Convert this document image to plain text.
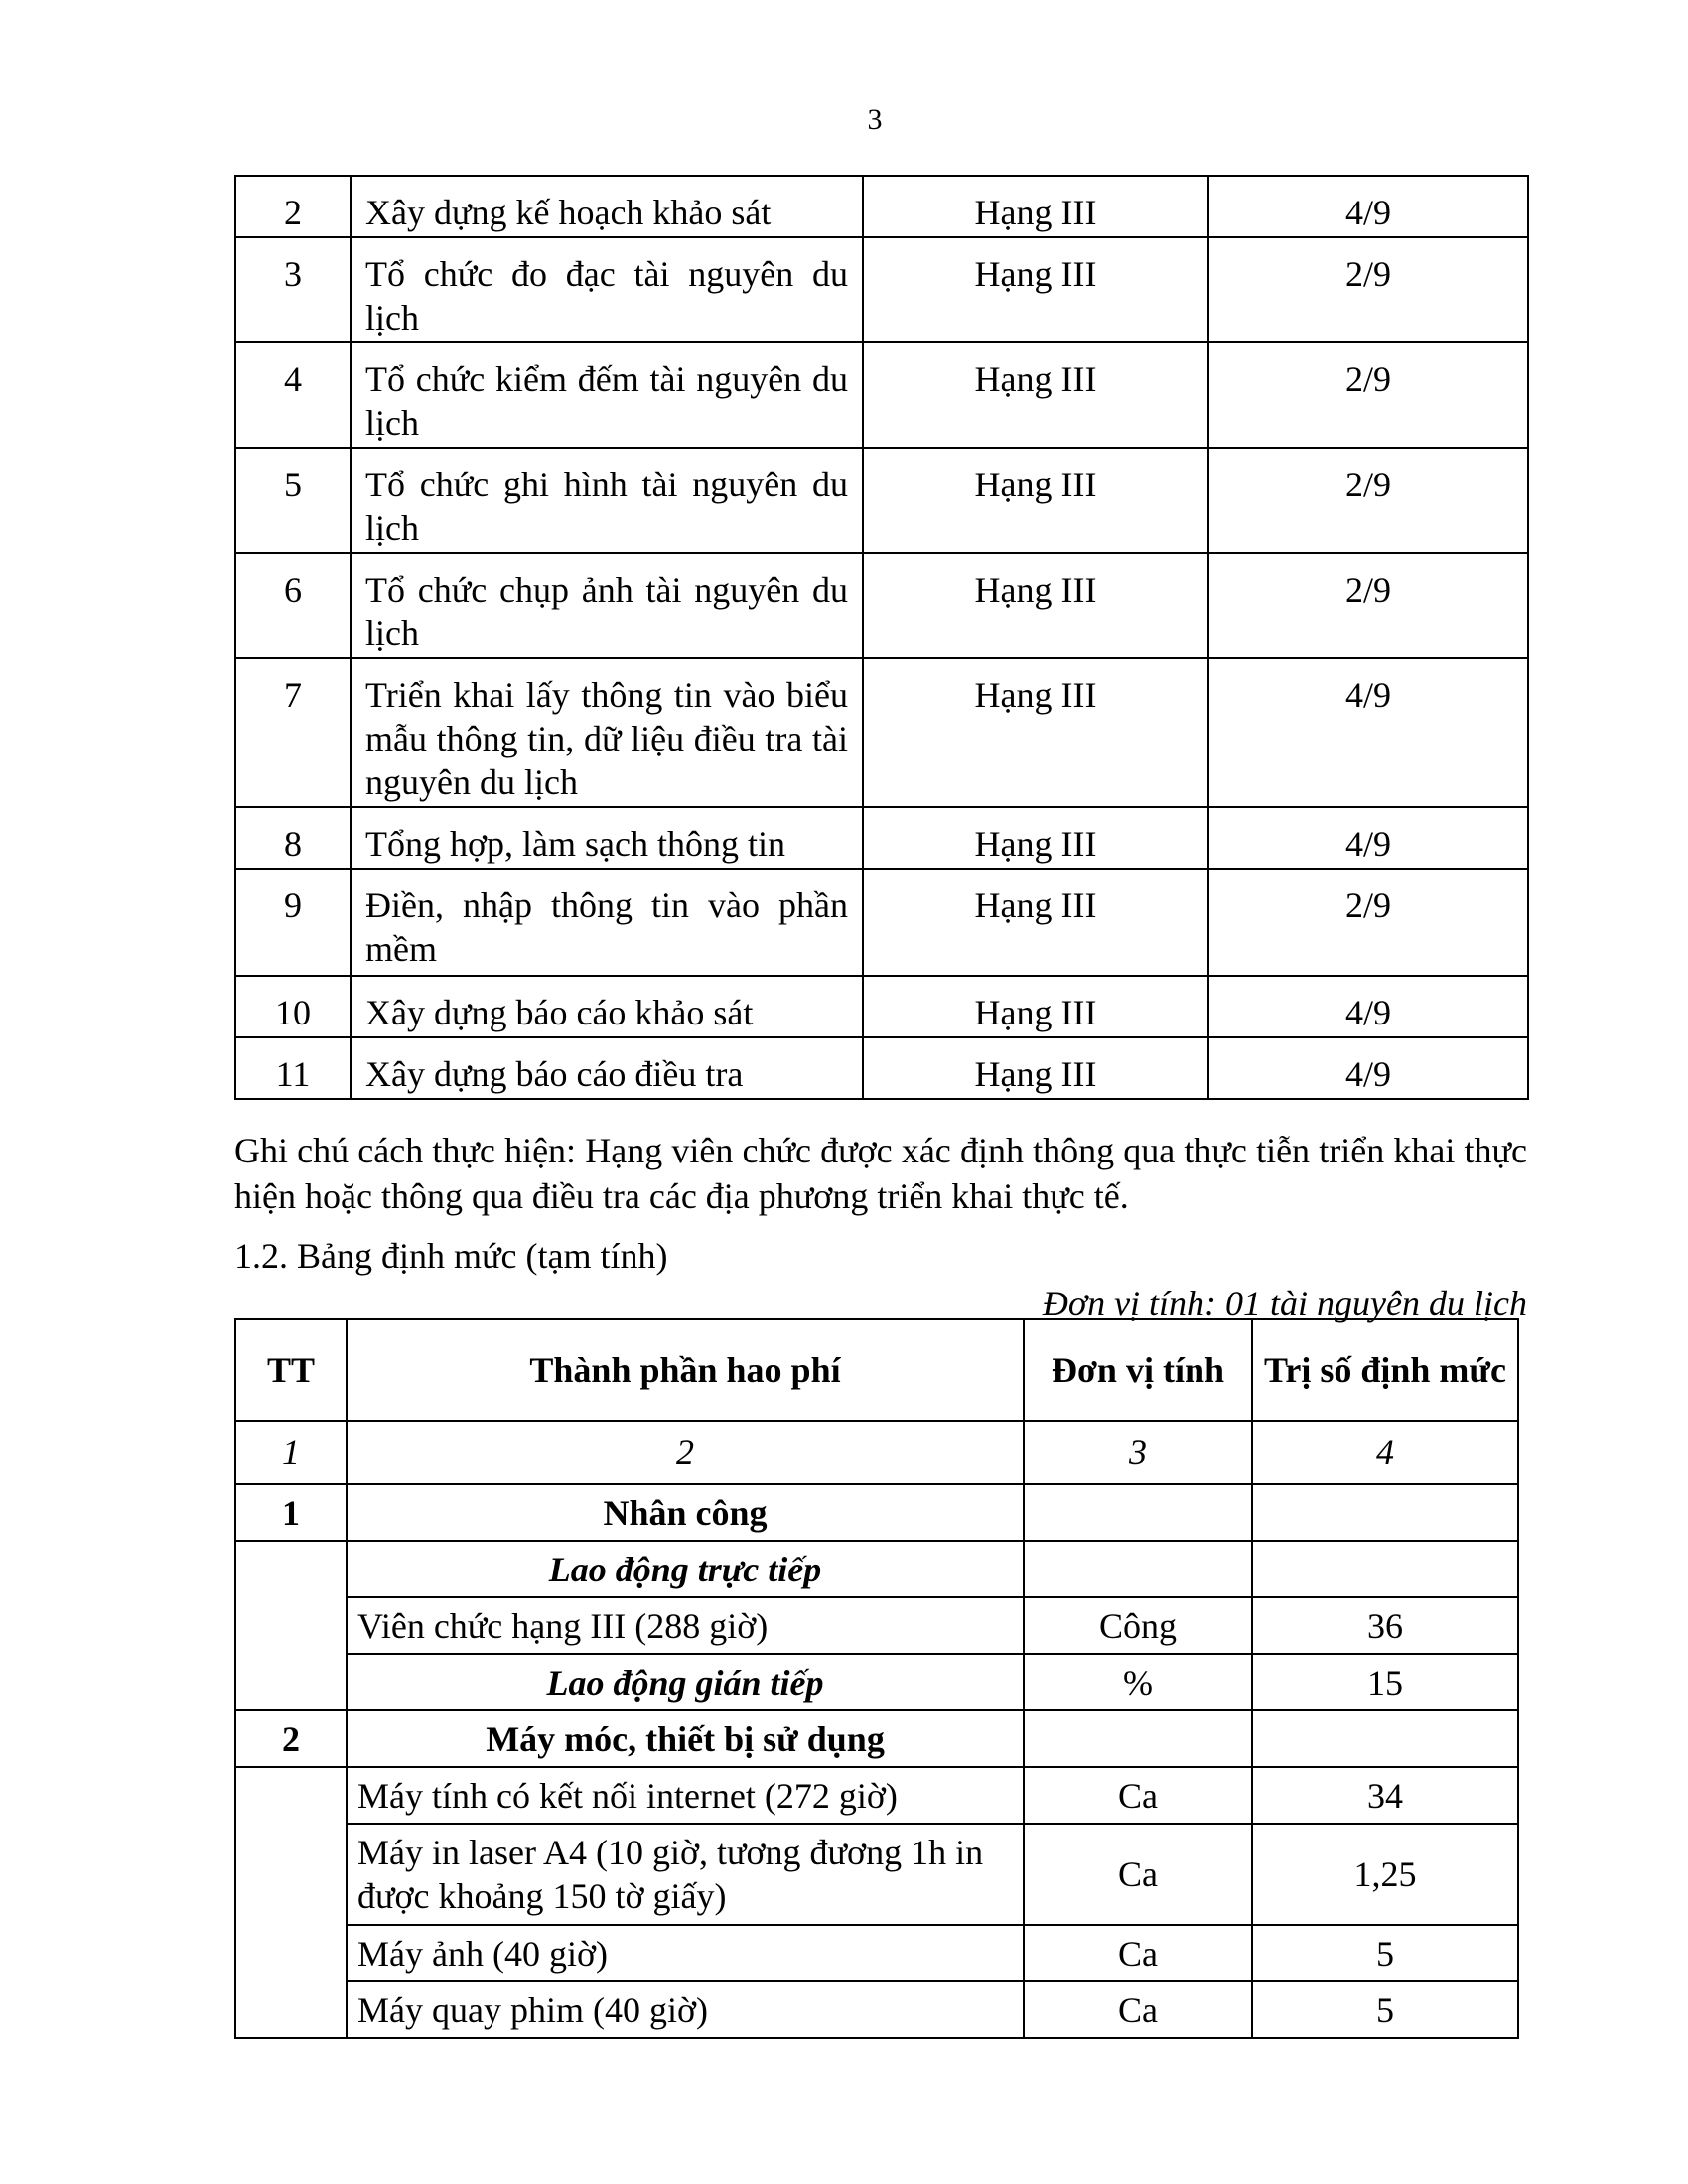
3
2	Xây dựng kế hoạch khảo sát	Hạng III	4/9
3	Tổ chức đo đạc tài nguyên du lịch	Hạng III	2/9
4	Tổ chức kiểm đếm tài nguyên du lịch	Hạng III	2/9
5	Tổ chức ghi hình tài nguyên du lịch	Hạng III	2/9
6	Tổ chức chụp ảnh tài nguyên du lịch	Hạng III	2/9
7	Triển khai lấy thông tin vào biểu mẫu thông tin, dữ liệu điều tra tài nguyên du lịch	Hạng III	4/9
8	Tổng hợp, làm sạch thông tin	Hạng III	4/9
9	Điền, nhập thông tin vào phần mềm	Hạng III	2/9
10	Xây dựng báo cáo khảo sát	Hạng III	4/9
11	Xây dựng báo cáo điều tra	Hạng III	4/9
Ghi chú cách thực hiện: Hạng viên chức được xác định thông qua thực tiễn triển khai thực hiện hoặc thông qua điều tra các địa phương triển khai thực tế.
1.2. Bảng định mức (tạm tính)
Đơn vị tính: 01 tài nguyên du lịch
TT	Thành phần hao phí	Đơn vị tính	Trị số định mức
1	2	3	4
1	Nhân công		
	Lao động trực tiếp		
	Viên chức hạng III (288 giờ)	Công	36
	Lao động gián tiếp	%	15
2	Máy móc, thiết bị sử dụng		
	Máy tính có kết nối internet (272 giờ)	Ca	34
	Máy in laser A4 (10 giờ, tương đương 1h in được khoảng 150 tờ giấy)	Ca	1,25
	Máy ảnh (40 giờ)	Ca	5
	Máy quay phim (40 giờ)	Ca	5
